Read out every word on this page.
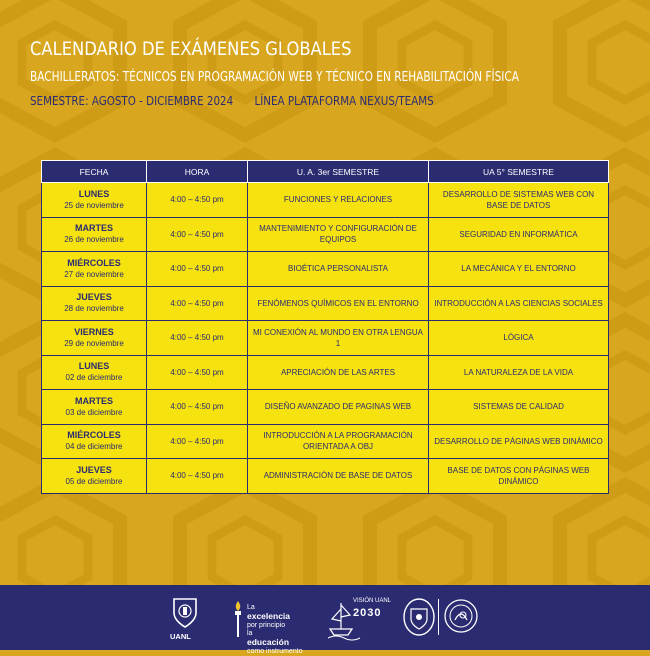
CALENDARIO DE EXÁMENES GLOBALES
BACHILLERATOS: TÉCNICOS EN PROGRAMACIÓN WEB Y TÉCNICO EN REHABILITACIÓN FÍSICA
SEMESTRE: AGOSTO - DICIEMBRE 2024 LÍNEA PLATAFORMA NEXUS/TEAMS
FECHA	HORA	U. A. 3er SEMESTRE	UA 5° SEMESTRE

LUNES
25 de noviembre	4:00 – 4:50 pm	FUNCIONES Y RELACIONES	DESARROLLO DE SISTEMAS WEB CON BASE DE DATOS

MARTES
26 de noviembre	4:00 – 4:50 pm	MANTENIMIENTO Y CONFIGURACIÓN DE EQUIPOS	SEGURIDAD EN INFORMÁTICA

MIÉRCOLES
27 de noviembre	4:00 – 4:50 pm	BIOÉTICA PERSONALISTA	LA MECÁNICA Y EL ENTORNO

JUEVES
28 de noviembre	4:00 – 4:50 pm	FENÓMENOS QUÍMICOS EN EL ENTORNO	INTRODUCCIÓN A LAS CIENCIAS SOCIALES

VIERNES
29 de noviembre	4:00 – 4:50 pm	MI CONEXIÓN AL MUNDO EN OTRA LENGUA 1	LÓGICA

LUNES
02 de diciembre	4:00 – 4:50 pm	APRECIACIÓN DE LAS ARTES	LA NATURALEZA DE LA VIDA

MARTES
03 de diciembre	4:00 – 4:50 pm	DISEÑO AVANZADO DE PAGINAS WEB	SISTEMAS DE CALIDAD

MIÉRCOLES
04 de diciembre	4:00 – 4:50 pm	INTRODUCCIÓN A LA PROGRAMACIÓN ORIENTADA A OBJ	DESARROLLO DE PÁGINAS WEB DINÁMICO

JUEVES
05 de diciembre	4:00 – 4:50 pm	ADMINISTRACIÓN DE BASE DE DATOS	BASE DE DATOS CON PÁGINAS WEB DINÁMICO
UANL
La
excelencia
por principio
la
educación
como instrumento
VISIÓN UANL
2030
